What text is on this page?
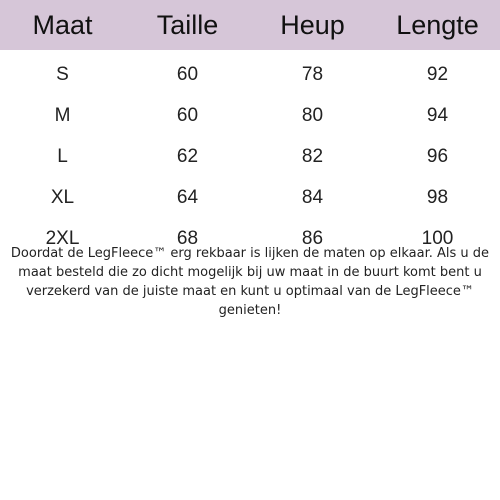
Maat	Taille	Heup	Lengte
S	60	78	92
M	60	80	94
L	62	82	96
XL	64	84	98
2XL	68	86	100

Doordat de LegFleece™ erg rekbaar is lijken de maten op elkaar. Als u de maat besteld die zo dicht mogelijk bij uw maat in de buurt komt bent u verzekerd van de juiste maat en kunt u optimaal van de LegFleece™ genieten!
